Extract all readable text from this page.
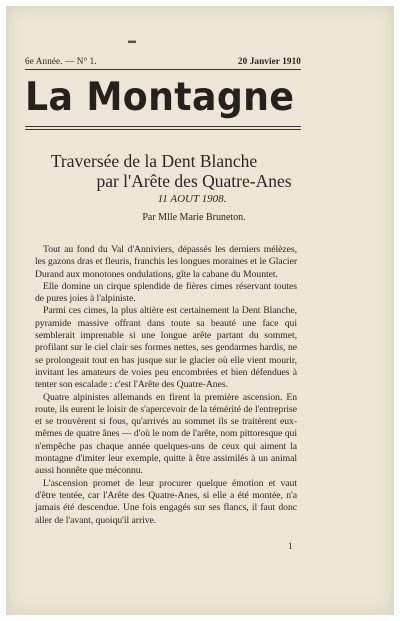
▬
6e Année. — N° 1.	20 Janvier 1910
La Montagne
Traversée de la Dent Blanche
par l'Arête des Quatre-Anes
11 AOUT 1908.
Par Mlle Marie Bruneton.

Tout au fond du Val d'Anniviers, dépassés les derniers mélèzes, les gazons dras et fleuris, franchis les longues moraines et le Glacier Durand aux monotones ondulations, gîte la cabane du Mountet.

Elle domine un cirque splendide de fières cimes réservant toutes de pures joies à l'alpiniste.

Parmi ces cimes, la plus altière est certainement la Dent Blanche, pyramide massive offrant dans toute sa beauté une face qui semblerait imprenable si une longue arête partant du sommet, profilant sur le ciel clair ses formes nettes, ses gendarmes hardis, ne se prolongeait tout en bas jusque sur le glacier où elle vient mourir, invitant les amateurs de voies peu encombrées et bien défendues à tenter son escalade : c'est l'Arête des Quatre-Anes.

Quatre alpinistes allemands en firent la première ascension. En route, ils eurent le loisir de s'apercevoir de la témérité de l'entreprise et se trouvèrent si fous, qu'arrivés au sommet ils se traitèrent eux-mêmes de quatre ânes — d'où le nom de l'arête, nom pittoresque qui n'empêche pas chaque année quelques-uns de ceux qui aiment la montagne d'imiter leur exemple, quitte à être assimilés à un animal aussi honnête que méconnu.

L'ascension promet de leur procurer quelque émotion et vaut d'être tentée, car l'Arête des Quatre-Anes, si elle a été montée, n'a jamais été descendue. Une fois engagés sur ses flancs, il faut donc aller de l'avant, quoiqu'il arrive.

1
